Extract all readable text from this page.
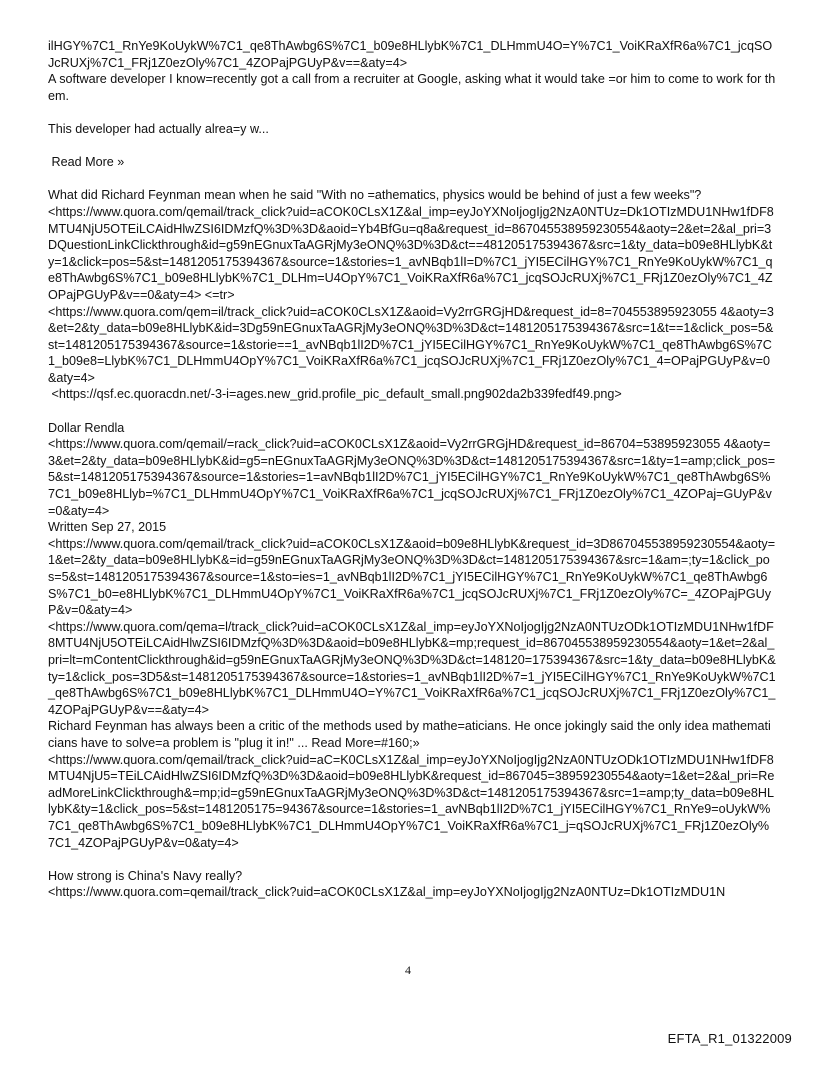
ilHGY%7C1_RnYe9KoUykW%7C1_qe8ThAwbg6S%7C1_b09e8HLlybK%7C1_DLHmmU4O=Y%7C1_VoiKRaXfR6a%7C1_jcqSOJcRUXj%7C1_FRj1Z0ezOly%7C1_4ZOPajPGUyP&v==&aty=4>
A software developer I know=recently got a call from a recruiter at Google, asking what it would take =or him to come to work for them.
This developer had actually alrea=y w...
Read More »
What did Richard Feynman mean when he said "With no =athematics, physics would be behind of just a few weeks"?
<https://www.quora.com/qemail/track_click?uid=aCOK0CLsX1Z&al_imp=eyJoYXNoIjogIjg2NzA0NTUz=Dk1OTIzMDU1NHw1fDF8MTU4NjU5OTEiLCAidHlwZSI6IDMzfQ%3D%3D&aoid=Yb4BfGu=q8a&request_id=867045538959230554&aoty=2&et=2&al_pri=3DQuestionLinkClickthrough&id=g59nEGnuxTaAGRjMy3eONQ%3D%3D&ct==481205175394367&src=1&ty_data=b09e8HLlybK&ty=1&click=pos=5&st=1481205175394367&source=1&stories=1_avNBqb1lI=D%7C1_jYI5ECilHGY%7C1_RnYe9KoUykW%7C1_qe8ThAwbg6S%7C1_b09e8HLlybK%7C1_DLHm=U4OpY%7C1_VoiKRaXfR6a%7C1_jcqSOJcRUXj%7C1_FRj1Z0ezOly%7C1_4ZOPajPGUyP&v==0&aty=4> <=tr>
<https://www.quora.com/qem=il/track_click?uid=aCOK0CLsX1Z&aoid=Vy2rrGRGjHD&request_id=8=704553895923055 4&aoty=3&et=2&ty_data=b09e8HLlybK&id=3Dg59nEGnuxTaAGRjMy3eONQ%3D%3D&ct=1481205175394367&src=1&t==1&click_pos=5&st=1481205175394367&source=1&storie==1_avNBqb1lI2D%7C1_jYI5ECilHGY%7C1_RnYe9KoUykW%7C1_qe8ThAwbg6S%7C1_b09e8=LlybK%7C1_DLHmmU4OpY%7C1_VoiKRaXfR6a%7C1_jcqSOJcRUXj%7C1_FRj1Z0ezOly%7C1_4=OPajPGUyP&v=0&aty=4>
<https://qsf.ec.quoracdn.net/-3-i=ages.new_grid.profile_pic_default_small.png902da2b339fedf49.png>
Dollar Rendla
<https://www.quora.com/qemail/=rack_click?uid=aCOK0CLsX1Z&aoid=Vy2rrGRGjHD&request_id=86704=53895923055 4&aoty=3&et=2&ty_data=b09e8HLlybK&id=g5=nEGnuxTaAGRjMy3eONQ%3D%3D&ct=1481205175394367&src=1&ty=1=amp;click_pos=5&st=1481205175394367&source=1&stories=1=avNBqb1lI2D%7C1_jYI5ECilHGY%7C1_RnYe9KoUykW%7C1_qe8ThAwbg6S%7C1_b09e8HLlyb=%7C1_DLHmmU4OpY%7C1_VoiKRaXfR6a%7C1_jcqSOJcRUXj%7C1_FRj1Z0ezOly%7C1_4ZOPaj=GUyP&v=0&aty=4>
Written Sep 27, 2015
<https://www.quora.com/qemail/track_click?uid=aCOK0CLsX1Z&aoid=b09e8HLlybK&request_id=3D867045538959230554&aoty=1&et=2&ty_data=b09e8HLlybK&=id=g59nEGnuxTaAGRjMy3eONQ%3D%3D&ct=1481205175394367&src=1&am=;ty=1&click_pos=5&st=1481205175394367&source=1&sto=ies=1_avNBqb1lI2D%7C1_jYI5ECilHGY%7C1_RnYe9KoUykW%7C1_qe8ThAwbg6S%7C1_b0=e8HLlybK%7C1_DLHmmU4OpY%7C1_VoiKRaXfR6a%7C1_jcqSOJcRUXj%7C1_FRj1Z0ezOly%7C=_4ZOPajPGUyP&v=0&aty=4>
<https://www.quora.com/qema=l/track_click?uid=aCOK0CLsX1Z&al_imp=eyJoYXNoIjogIjg2NzA0NTUzODk1OTIzMDU1NHw1fDF8MTU4NjU5OTEiLCAidHlwZSI6IDMzfQ%3D%3D&aoid=b09e8HLlybK&=mp;request_id=867045538959230554&aoty=1&et=2&al_pri=lt=mContentClickthrough&id=g59nEGnuxTaAGRjMy3eONQ%3D%3D&ct=148120=175394367&src=1&ty_data=b09e8HLlybK&ty=1&click_pos=3D5&st=1481205175394367&source=1&stories=1_avNBqb1lI2D%7=1_jYI5ECilHGY%7C1_RnYe9KoUykW%7C1_qe8ThAwbg6S%7C1_b09e8HLlybK%7C1_DLHmmU4O=Y%7C1_VoiKRaXfR6a%7C1_jcqSOJcRUXj%7C1_FRj1Z0ezOly%7C1_4ZOPajPGUyP&v==&aty=4>
Richard Feynman has always been a critic of the methods used by mathe=aticians. He once jokingly said the only idea mathematicians have to solve=a problem is "plug it in!" ... Read More=#160;»
<https://www.quora.com/qemail/track_click?uid=aC=K0CLsX1Z&al_imp=eyJoYXNoIjogIjg2NzA0NTUzODk1OTIzMDU1NHw1fDF8MTU4NjU5=TEiLCAidHlwZSI6IDMzfQ%3D%3D&aoid=b09e8HLlybK&request_id=867045=38959230554&aoty=1&et=2&al_pri=ReadMoreLinkClickthrough&=mp;id=g59nEGnuxTaAGRjMy3eONQ%3D%3D&ct=1481205175394367&src=1=amp;ty_data=b09e8HLlybK&ty=1&click_pos=5&st=1481205175=94367&source=1&stories=1_avNBqb1lI2D%7C1_jYI5ECilHGY%7C1_RnYe9=oUykW%7C1_qe8ThAwbg6S%7C1_b09e8HLlybK%7C1_DLHmmU4OpY%7C1_VoiKRaXfR6a%7C1_j=qSOJcRUXj%7C1_FRj1Z0ezOly%7C1_4ZOPajPGUyP&v=0&aty=4>
How strong is China's Navy really?
<https://www.quora.com=qemail/track_click?uid=aCOK0CLsX1Z&al_imp=eyJoYXNoIjogIjg2NzA0NTUz=Dk1OTIzMDU1N
4
EFTA_R1_01322009
